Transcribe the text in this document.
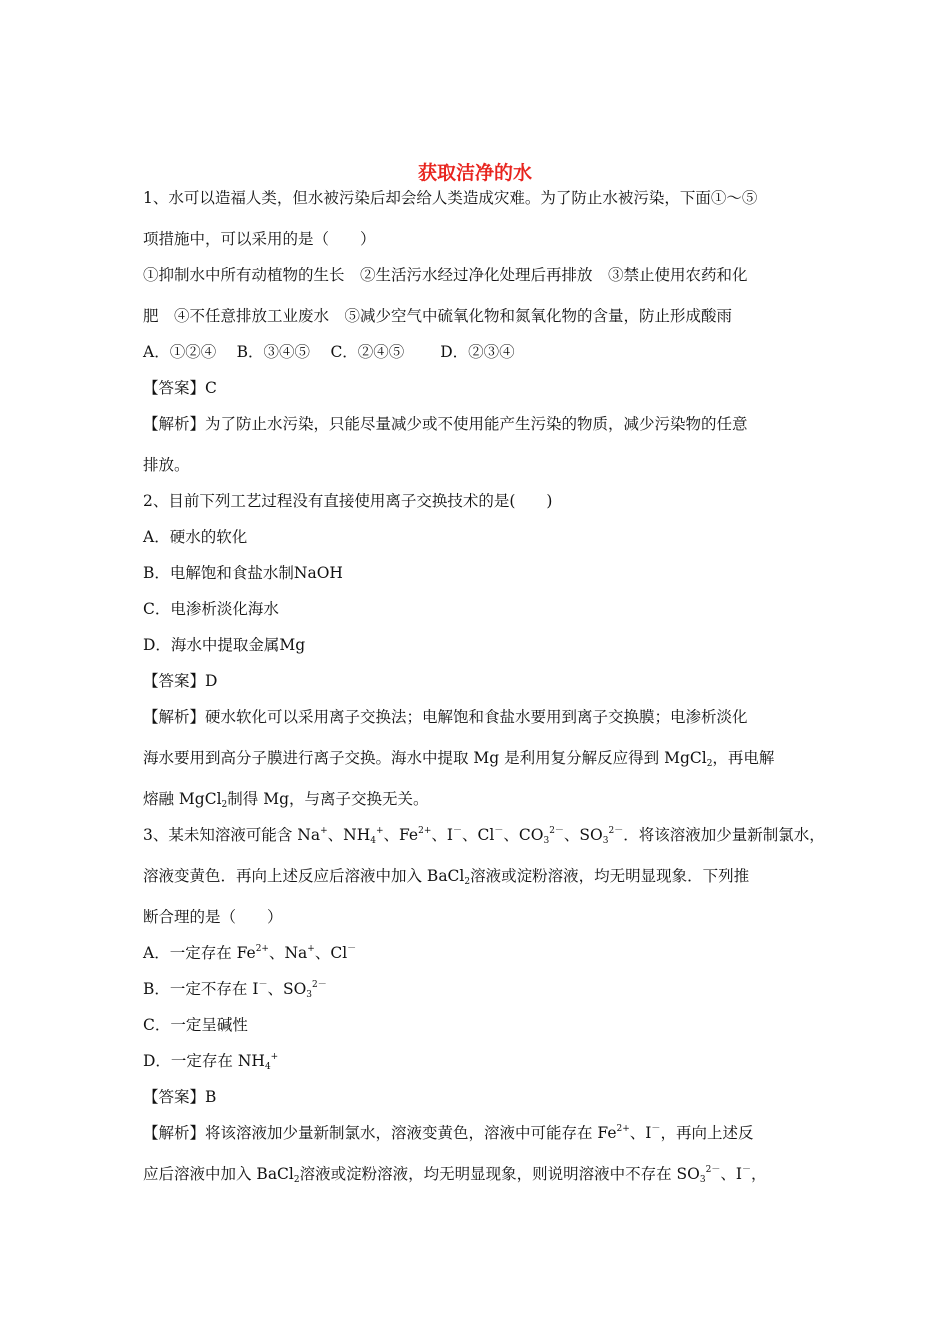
获取洁净的水
1、水可以造福人类，但水被污染后却会给人类造成灾难。为了防止水被污染，下面①～⑤
项措施中，可以采用的是（　　）
①抑制水中所有动植物的生长　②生活污水经过净化处理后再排放　③禁止使用农药和化
肥　④不任意排放工业废水　⑤减少空气中硫氧化物和氮氧化物的含量，防止形成酸雨
A．①②④　 B．③④⑤　 C．②④⑤　 　D．②③④
【答案】C
【解析】为了防止水污染，只能尽量减少或不使用能产生污染的物质，减少污染物的任意
排放。
2、目前下列工艺过程没有直接使用离子交换技术的是(　　)
A．硬水的软化
B．电解饱和食盐水制NaOH
C．电渗析淡化海水
D．海水中提取金属Mg
【答案】D
【解析】硬水软化可以采用离子交换法；电解饱和食盐水要用到离子交换膜；电渗析淡化
海水要用到高分子膜进行离子交换。海水中提取 Mg 是利用复分解反应得到 MgCl$_2$，再电解
熔融 MgCl$_2$制得 Mg，与离子交换无关。
3、某未知溶液可能含 Na+、$NH_4^+$、$Fe^{2+}$、I－、Cl－、$CO_3^{2-}$、$SO_3^{2-}$．将该溶液加少量新制氯水，
溶液变黄色．再向上述反应后溶液中加入 BaCl$_2$溶液或淀粉溶液，均无明显现象．下列推
断合理的是（　　）
A．一定存在 $Fe^{2+}$、Na+、Cl－
B．一定不存在 I－、$SO_3^{2-}$
C．一定呈碱性
D．一定存在 $NH_4^+$
【答案】B
【解析】将该溶液加少量新制氯水，溶液变黄色，溶液中可能存在 $Fe^{2+}$、I－，再向上述反
应后溶液中加入 BaCl$_2$溶液或淀粉溶液，均无明显现象，则说明溶液中不存在 $SO_3^{2-}$、I－，
